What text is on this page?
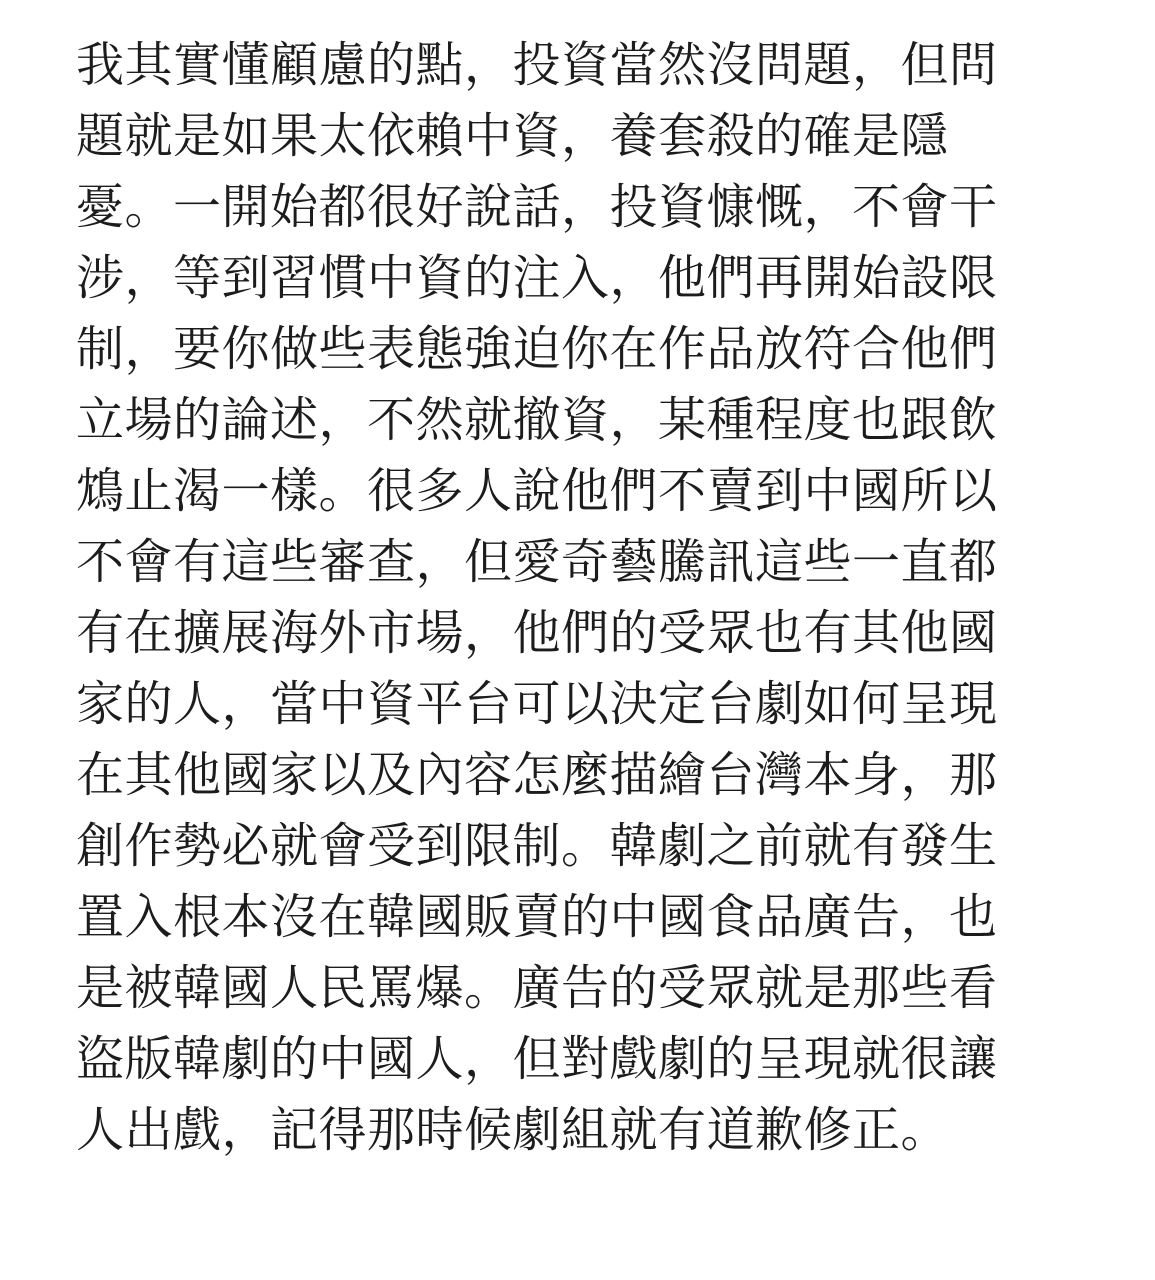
我其實懂顧慮的點，投資當然沒問題，但問
題就是如果太依賴中資，養套殺的確是隱
憂。一開始都很好說話，投資慷慨，不會干
涉，等到習慣中資的注入，他們再開始設限
制，要你做些表態強迫你在作品放符合他們
立場的論述，不然就撤資，某種程度也跟飲
鴆止渴一樣。很多人說他們不賣到中國所以
不會有這些審查，但愛奇藝騰訊這些一直都
有在擴展海外市場，他們的受眾也有其他國
家的人，當中資平台可以決定台劇如何呈現
在其他國家以及內容怎麼描繪台灣本身，那
創作勢必就會受到限制。韓劇之前就有發生
置入根本沒在韓國販賣的中國食品廣告，也
是被韓國人民罵爆。廣告的受眾就是那些看
盜版韓劇的中國人，但對戲劇的呈現就很讓
人出戲，記得那時候劇組就有道歉修正。
